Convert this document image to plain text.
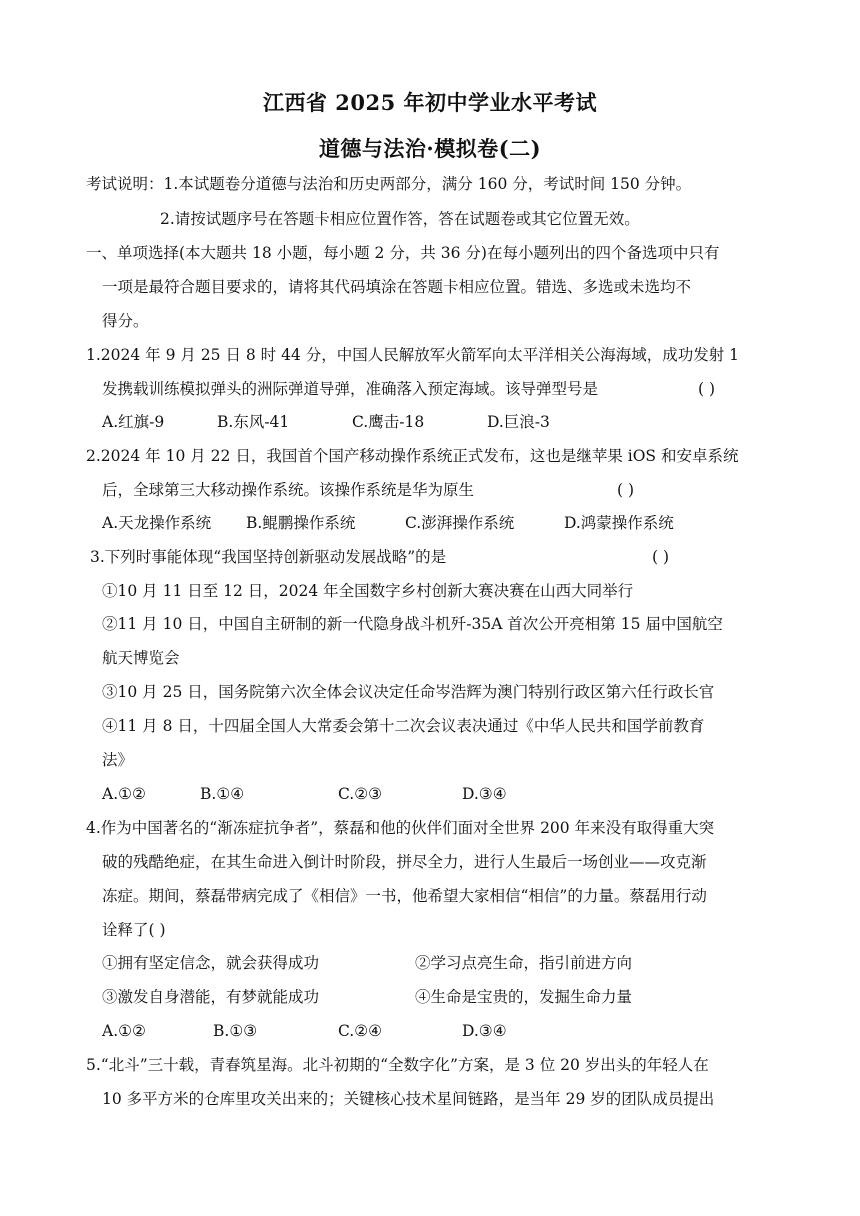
江西省 2025 年初中学业水平考试
道德与法治·模拟卷(二)
考试说明：1.本试题卷分道德与法治和历史两部分，满分 160 分，考试时间 150 分钟。
2.请按试题序号在答题卡相应位置作答，答在试题卷或其它位置无效。
一、单项选择(本大题共 18 小题，每小题 2 分，共 36 分)在每小题列出的四个备选项中只有
一项是最符合题目要求的，请将其代码填涂在答题卡相应位置。错选、多选或未选均不
得分。
1.2024 年 9 月 25 日 8 时 44 分，中国人民解放军火箭军向太平洋相关公海海域，成功发射 1
发携载训练模拟弹头的洲际弹道导弹，准确落入预定海域。该导弹型号是	( )
A.红旗-9	B.东风-41	C.鹰击-18	D.巨浪-3
2.2024 年 10 月 22 日，我国首个国产移动操作系统正式发布，这也是继苹果 iOS 和安卓系统
后，全球第三大移动操作系统。该操作系统是华为原生	( )
A.天龙操作系统 B.鲲鹏操作系统	C.澎湃操作系统	D.鸿蒙操作系统
3.下列时事能体现“我国坚持创新驱动发展战略”的是	( )
①10 月 11 日至 12 日，2024 年全国数字乡村创新大赛决赛在山西大同举行
②11 月 10 日，中国自主研制的新一代隐身战斗机歼-35A 首次公开亮相第 15 届中国航空
航天博览会
③10 月 25 日，国务院第六次全体会议决定任命岑浩辉为澳门特别行政区第六任行政长官
④11 月 8 日，十四届全国人大常委会第十二次会议表决通过《中华人民共和国学前教育
法》
A.①②	B.①④	C.②③	D.③④
4.作为中国著名的“渐冻症抗争者”，蔡磊和他的伙伴们面对全世界 200 年来没有取得重大突
破的残酷绝症，在其生命进入倒计时阶段，拼尽全力，进行人生最后一场创业——攻克渐
冻症。期间，蔡磊带病完成了《相信》一书，他希望大家相信“相信”的力量。蔡磊用行动
诠释了( )
①拥有坚定信念，就会获得成功	②学习点亮生命，指引前进方向
③激发自身潜能，有梦就能成功	④生命是宝贵的，发掘生命力量
A.①②	B.①③	C.②④	D.③④
5.“北斗”三十载，青春筑星海。北斗初期的“全数字化”方案，是 3 位 20 岁出头的年轻人在
10 多平方米的仓库里攻关出来的；关键核心技术星间链路，是当年 29 岁的团队成员提出
